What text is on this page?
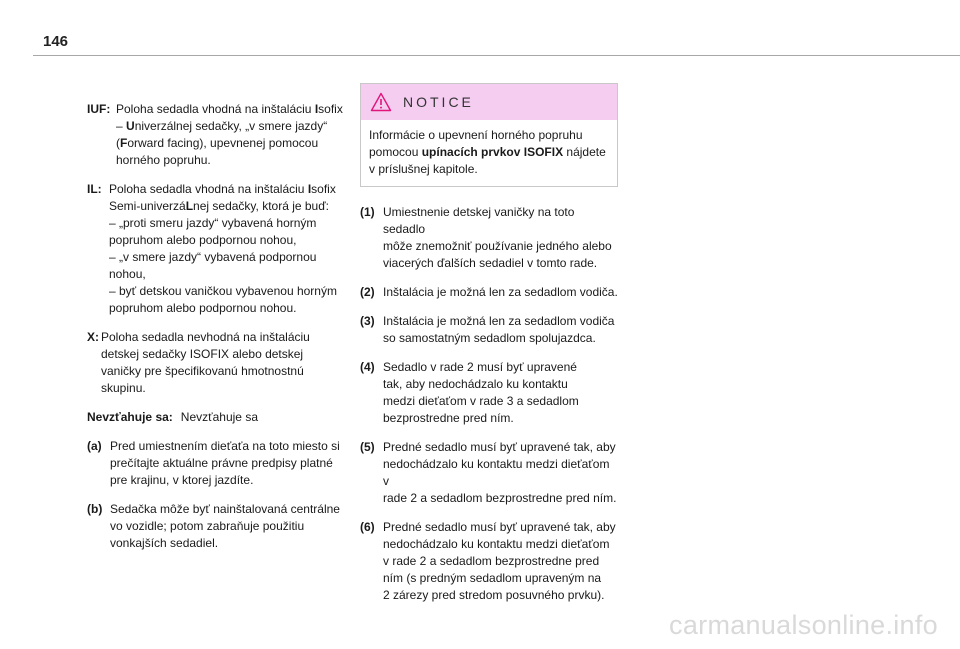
146
IUF: Poloha sedadla vhodná na inštaláciu Isofix
– Univerzálnej sedačky, „v smere jazdy“
(Forward facing), upevnenej pomocou
horného popruhu.
IL: Poloha sedadla vhodná na inštaláciu Isofix
Semi-univerzáLnej sedačky, ktorá je buď:
– „proti smeru jazdy“ vybavená horným
popruhom alebo podpornou nohou,
– „v smere jazdy“ vybavená podpornou
nohou,
– byť detskou vaničkou vybavenou horným
popruhom alebo podpornou nohou.
X: Poloha sedadla nevhodná na inštaláciu
detskej sedačky ISOFIX alebo detskej
vaničky pre špecifikovanú hmotnostnú
skupinu.
Nevzťahuje sa: Nevzťahuje sa
(a) Pred umiestnením dieťaťa na toto miesto si
prečítajte aktuálne právne predpisy platné
pre krajinu, v ktorej jazdíte.
(b) Sedačka môže byť nainštalovaná centrálne
vo vozidle; potom zabraňuje použitiu
vonkajších sedadiel.
NOTICE
Informácie o upevnení horného popruhu
pomocou upínacích prvkov ISOFIX nájdete
v príslušnej kapitole.
(1) Umiestnenie detskej vaničky na toto sedadlo
môže znemožniť používanie jedného alebo
viacerých ďalších sedadiel v tomto rade.
(2) Inštalácia je možná len za sedadlom vodiča.
(3) Inštalácia je možná len za sedadlom vodiča
so samostatným sedadlom spolujazdca.
(4) Sedadlo v rade 2 musí byť upravené
tak, aby nedochádzalo ku kontaktu
medzi dieťaťom v rade 3 a sedadlom
bezprostredne pred ním.
(5) Predné sedadlo musí byť upravené tak, aby
nedochádzalo ku kontaktu medzi dieťaťom v
rade 2 a sedadlom bezprostredne pred ním.
(6) Predné sedadlo musí byť upravené tak, aby
nedochádzalo ku kontaktu medzi dieťaťom
v rade 2 a sedadlom bezprostredne pred
ním (s predným sedadlom upraveným na
2 zárezy pred stredom posuvného prvku).
carmanualsonline.info
